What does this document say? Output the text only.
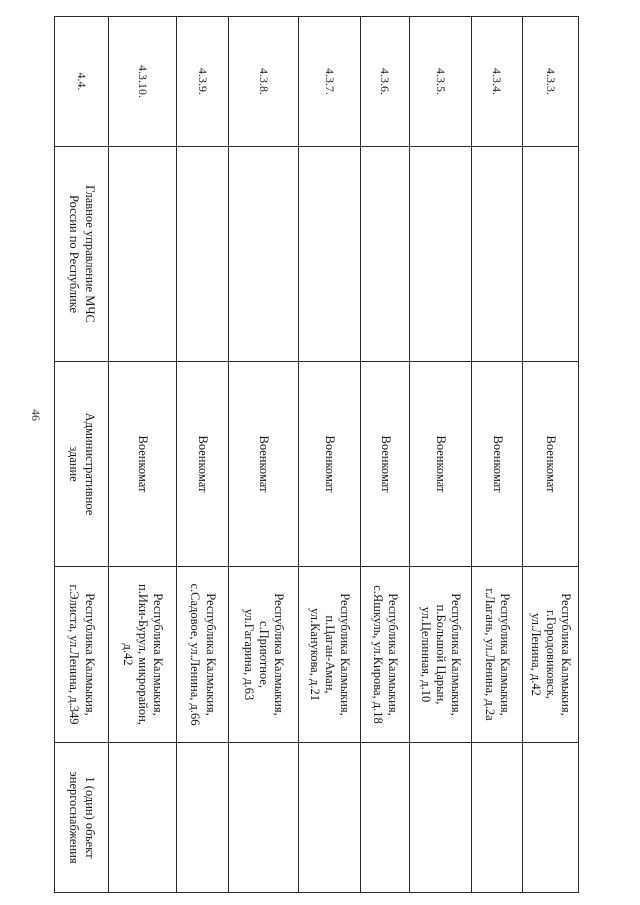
46
4.3.3.		Военкомат	Республика Калмыкия,
г.Городовиковск,
ул.Ленина, д.42	

4.3.4.		Военкомат	Республика Калмыкия,
г.Лагань, ул.Ленина, д.2а	

4.3.5.		Военкомат	Республика Калмыкия,
п.Большой Царын,
ул.Целинная, д.10	

4.3.6.		Военкомат	Республика Калмыкия,
с.Яшкуль, ул.Кирова, д.18	

4.3.7.		Военкомат	Республика Калмыкия,
п.Цаган-Аман,
ул.Канукова, д.21	

4.3.8.		Военкомат	Республика Калмыкия,
с.Приютное,
ул.Гагарина, д.63	

4.3.9.		Военкомат	Республика Калмыкия,
с.Садовое, ул.Ленина, д.66	

4.3.10.		Военкомат	Республика Калмыкия,
п.Ики-Бурул, микрорайон,
д.42	

4.4.	Главное управление МЧС
России по Республике	Административное
здание	Республика Калмыкия,
г.Элиста, ул.Ленина, д.349	1 (один) объект
энергоснабжения
